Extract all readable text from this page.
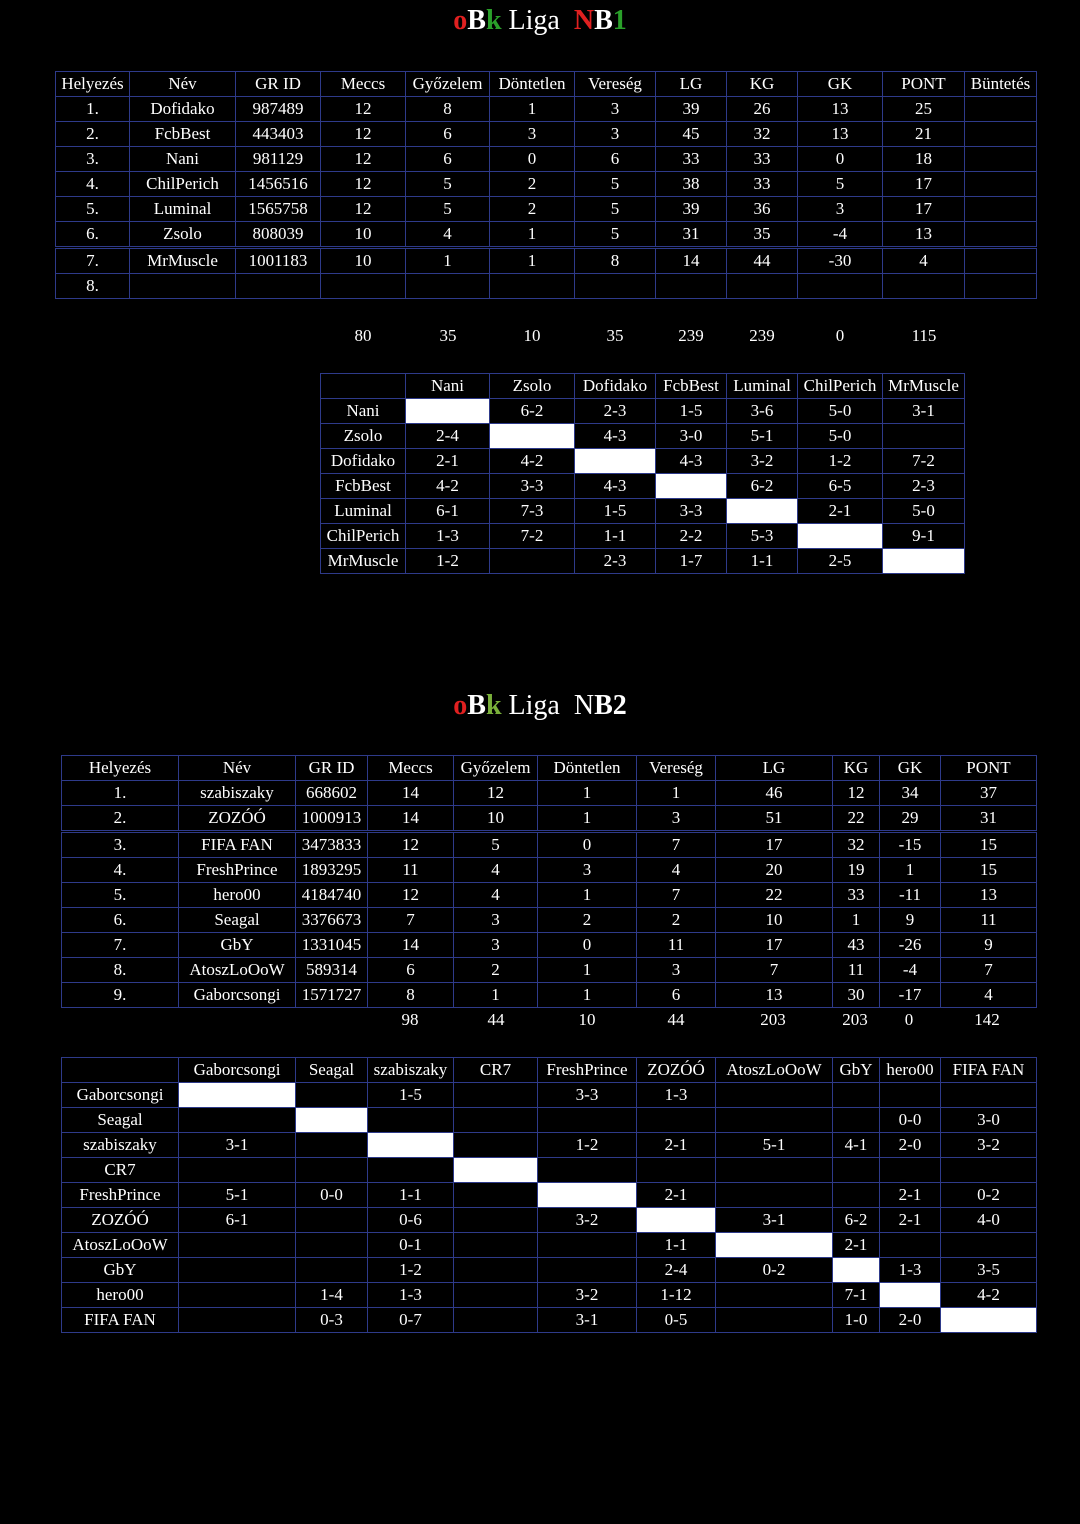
oBk Liga NB1
Helyezés	Név	GR ID	Meccs	Győzelem	Döntetlen	Vereség	LG	KG	GK	PONT	Büntetés
1.	Dofidako	987489	12	8	1	3	39	26	13	25	
2.	FcbBest	443403	12	6	3	3	45	32	13	21	
3.	Nani	981129	12	6	0	6	33	33	0	18	
4.	ChilPerich	1456516	12	5	2	5	38	33	5	17	
5.	Luminal	1565758	12	5	2	5	39	36	3	17	
6.	Zsolo	808039	10	4	1	5	31	35	-4	13	
7.	MrMuscle	1001183	10	1	1	8	14	44	-30	4	
8.											
80	35	10	35	239	239	0	115
	Nani	Zsolo	Dofidako	FcbBest	Luminal	ChilPerich	MrMuscle
Nani		6-2	2-3	1-5	3-6	5-0	3-1
Zsolo	2-4		4-3	3-0	5-1	5-0	
Dofidako	2-1	4-2		4-3	3-2	1-2	7-2
FcbBest	4-2	3-3	4-3		6-2	6-5	2-3
Luminal	6-1	7-3	1-5	3-3		2-1	5-0
ChilPerich	1-3	7-2	1-1	2-2	5-3		9-1
MrMuscle	1-2		2-3	1-7	1-1	2-5	
oBk Liga NB2
Helyezés	Név	GR ID	Meccs	Győzelem	Döntetlen	Vereség	LG	KG	GK	PONT
1.	szabiszaky	668602	14	12	1	1	46	12	34	37
2.	ZOZÓÓ	1000913	14	10	1	3	51	22	29	31
3.	FIFA FAN	3473833	12	5	0	7	17	32	-15	15
4.	FreshPrince	1893295	11	4	3	4	20	19	1	15
5.	hero00	4184740	12	4	1	7	22	33	-11	13
6.	Seagal	3376673	7	3	2	2	10	1	9	11
7.	GbY	1331045	14	3	0	11	17	43	-26	9
8.	AtoszLoOoW	589314	6	2	1	3	7	11	-4	7
9.	Gaborcsongi	1571727	8	1	1	6	13	30	-17	4
98	44	10	44	203	203	0	142
	Gaborcsongi	Seagal	szabiszaky	CR7	FreshPrince	ZOZÓÓ	AtoszLoOoW	GbY	hero00	FIFA FAN
Gaborcsongi			1-5		3-3	1-3				
Seagal									0-0	3-0
szabiszaky	3-1				1-2	2-1	5-1	4-1	2-0	3-2
CR7										
FreshPrince	5-1	0-0	1-1			2-1			2-1	0-2
ZOZÓÓ	6-1		0-6		3-2		3-1	6-2	2-1	4-0
AtoszLoOoW			0-1			1-1		2-1		
GbY			1-2			2-4	0-2		1-3	3-5
hero00		1-4	1-3		3-2	1-12		7-1		4-2
FIFA FAN		0-3	0-7		3-1	0-5		1-0	2-0	
